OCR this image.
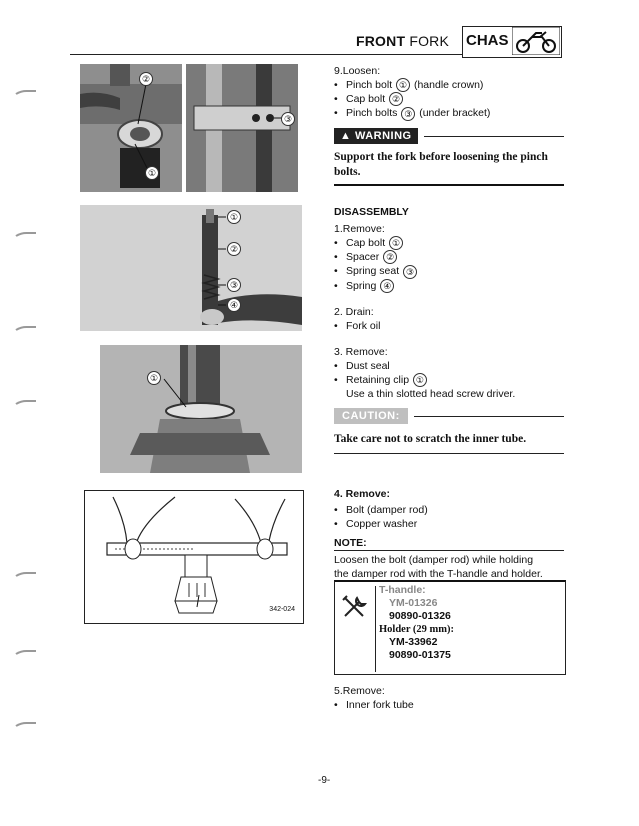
FRONT FORK CHAS
②
①
③
①
②
③
④
①
342-024
9.Loosen:
• Pinch bolt ① (handle crown)
• Cap bolt ②
• Pinch bolts ③ (under bracket)
▲ WARNING
Support the fork before loosening the pinch
bolts.
DISASSEMBLY
1.Remove:
• Cap bolt ①
• Spacer ②
• Spring seat ③
• Spring ④
2. Drain:
• Fork oil
3. Remove:
• Dust seal
• Retaining clip ①
Use a thin slotted head screw driver.
CAUTION:
Take care not to scratch the inner tube.
4. Remove:
• Bolt (damper rod)
• Copper washer
NOTE:
Loosen the bolt (damper rod) while holding
the damper rod with the T-handle and holder.
T-handle:
YM-01326
90890-01326
Holder (29 mm):
YM-33962
90890-01375
5.Remove:
• Inner fork tube
-9-
